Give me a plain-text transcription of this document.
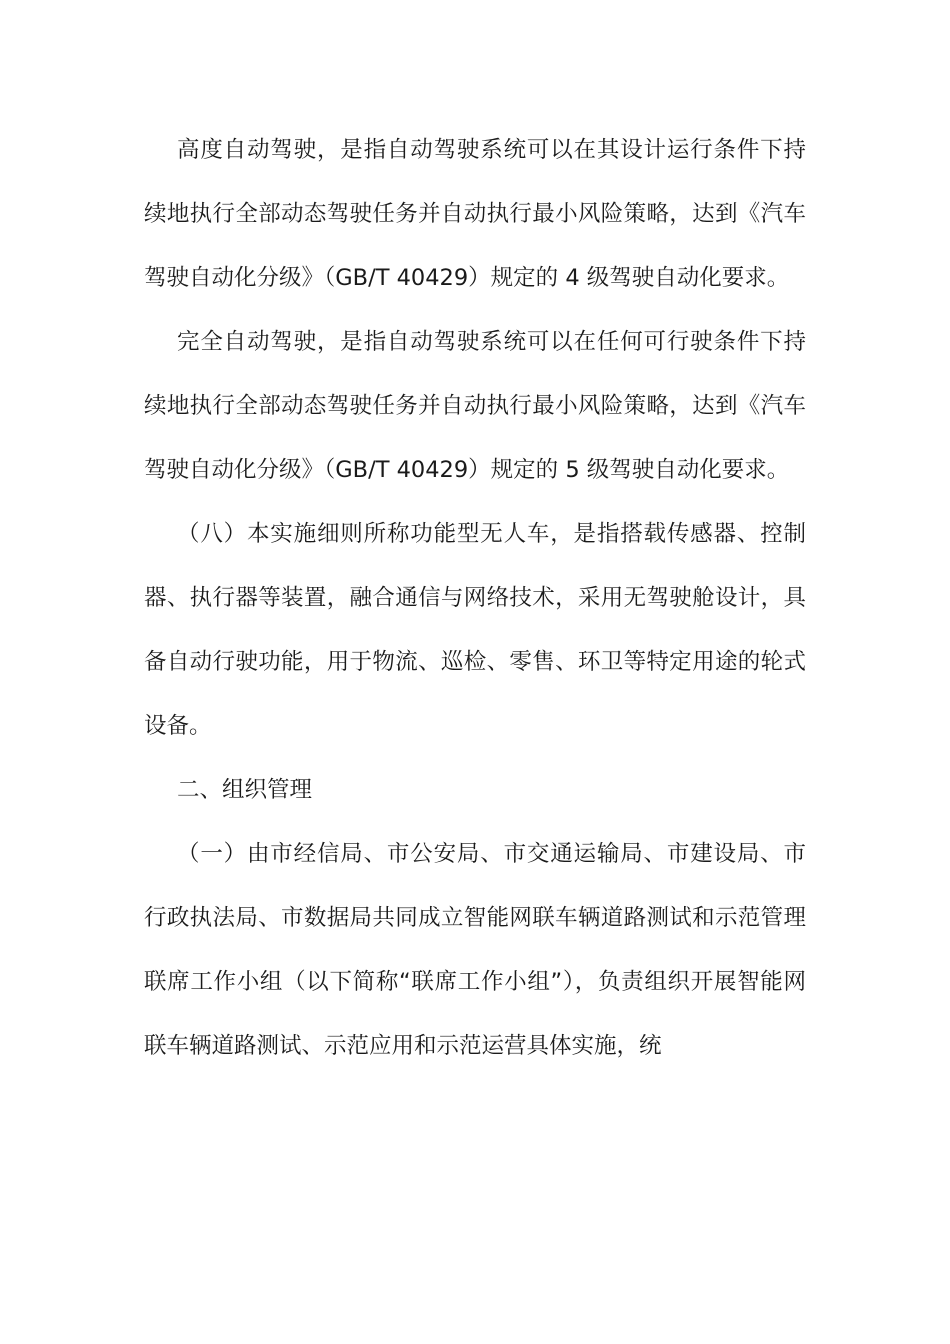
高度自动驾驶，是指自动驾驶系统可以在其设计运行条件下持续地执行全部动态驾驶任务并自动执行最小风险策略，达到《汽车驾驶自动化分级》（GB/T 40429）规定的 4 级驾驶自动化要求。

完全自动驾驶，是指自动驾驶系统可以在任何可行驶条件下持续地执行全部动态驾驶任务并自动执行最小风险策略，达到《汽车驾驶自动化分级》（GB/T 40429）规定的 5 级驾驶自动化要求。

（八）本实施细则所称功能型无人车，是指搭载传感器、控制器、执行器等装置，融合通信与网络技术，采用无驾驶舱设计，具备自动行驶功能，用于物流、巡检、零售、环卫等特定用途的轮式设备。

二、组织管理

（一）由市经信局、市公安局、市交通运输局、市建设局、市行政执法局、市数据局共同成立智能网联车辆道路测试和示范管理联席工作小组（以下简称“联席工作小组”），负责组织开展智能网联车辆道路测试、示范应用和示范运营具体实施，统
